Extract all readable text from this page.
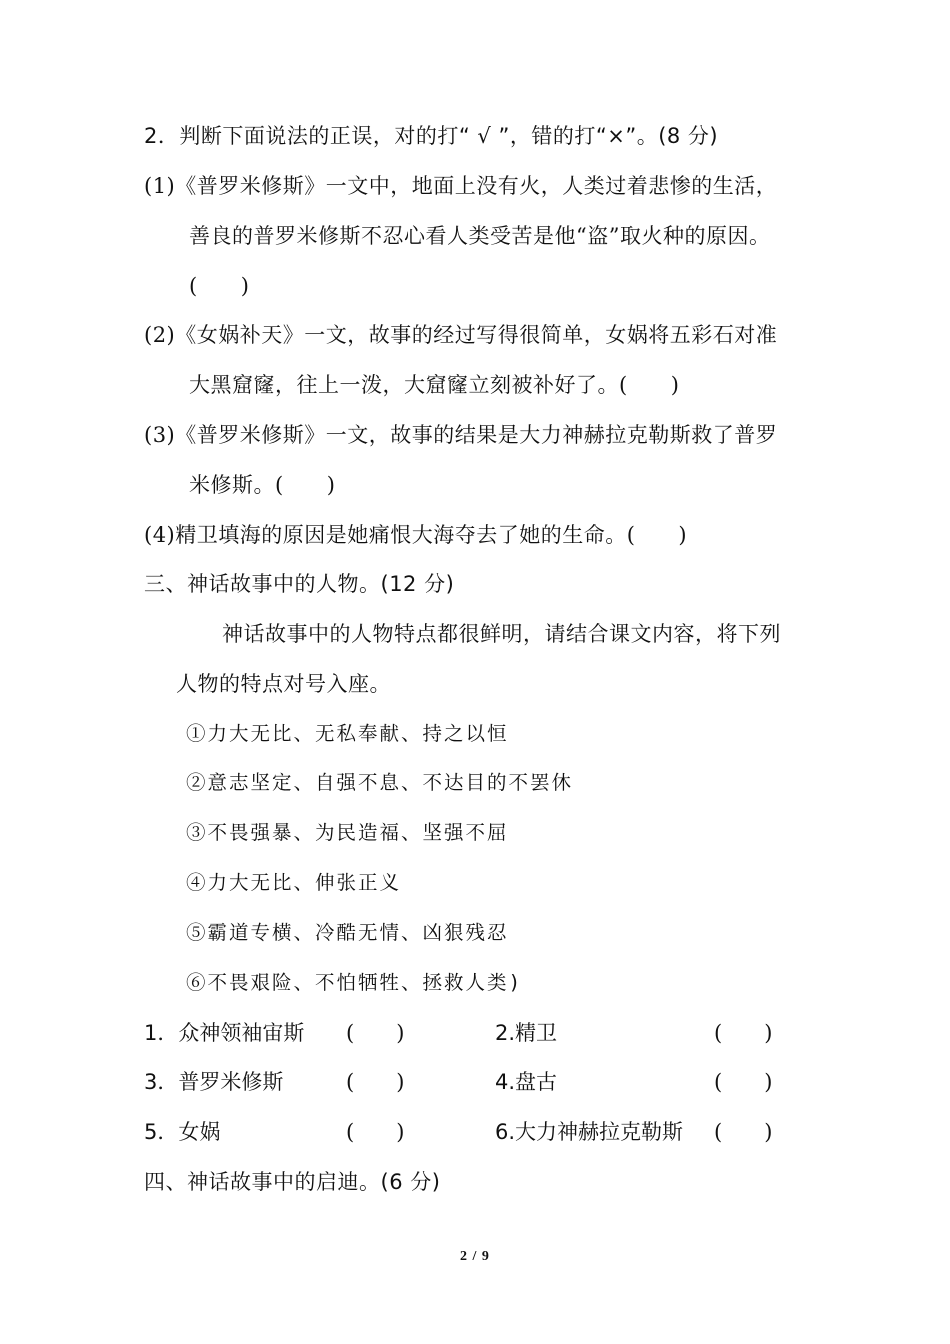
2．判断下面说法的正误，对的打“ √ ”，错的打“×”。(8 分)
(1)《普罗米修斯》一文中，地面上没有火，人类过着悲惨的生活，
善良的普罗米修斯不忍心看人类受苦是他“盗”取火种的原因。
(　　)
(2)《女娲补天》一文，故事的经过写得很简单，女娲将五彩石对准
大黑窟窿，往上一泼，大窟窿立刻被补好了。(　　)
(3)《普罗米修斯》一文，故事的结果是大力神赫拉克勒斯救了普罗
米修斯。(　　)
(4)精卫填海的原因是她痛恨大海夺去了她的生命。(　　)
三、神话故事中的人物。(12 分)
神话故事中的人物特点都很鲜明，请结合课文内容，将下列
人物的特点对号入座。
①力大无比、无私奉献、持之以恒
②意志坚定、自强不息、不达目的不罢休
③不畏强暴、为民造福、坚强不屈
④力大无比、伸张正义
⑤霸道专横、冷酷无情、凶狠残忍
⑥不畏艰险、不怕牺牲、拯救人类)
1．众神领袖宙斯 (　　)	2.精卫	(　　)
3．普罗米修斯	(　　)	4.盘古	(　　)
5．女娲	(　　)	6.大力神赫拉克勒斯 (　　)
四、神话故事中的启迪。(6 分)
2 / 9
